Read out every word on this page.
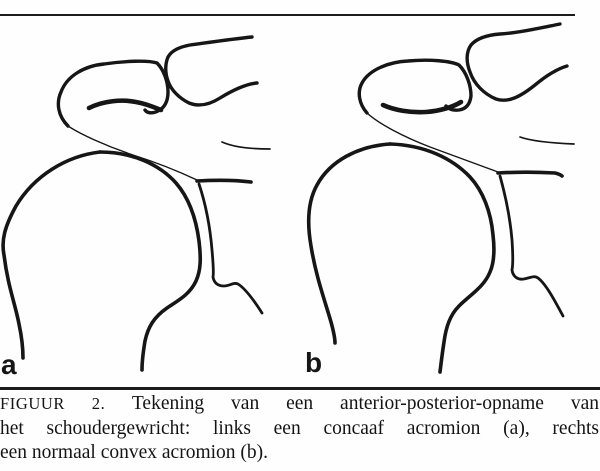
a	b
FIGUUR 2. Tekening van een anterior-posterior-opname van
het schoudergewricht: links een concaaf acromion (a), rechts
een normaal convex acromion (b).
